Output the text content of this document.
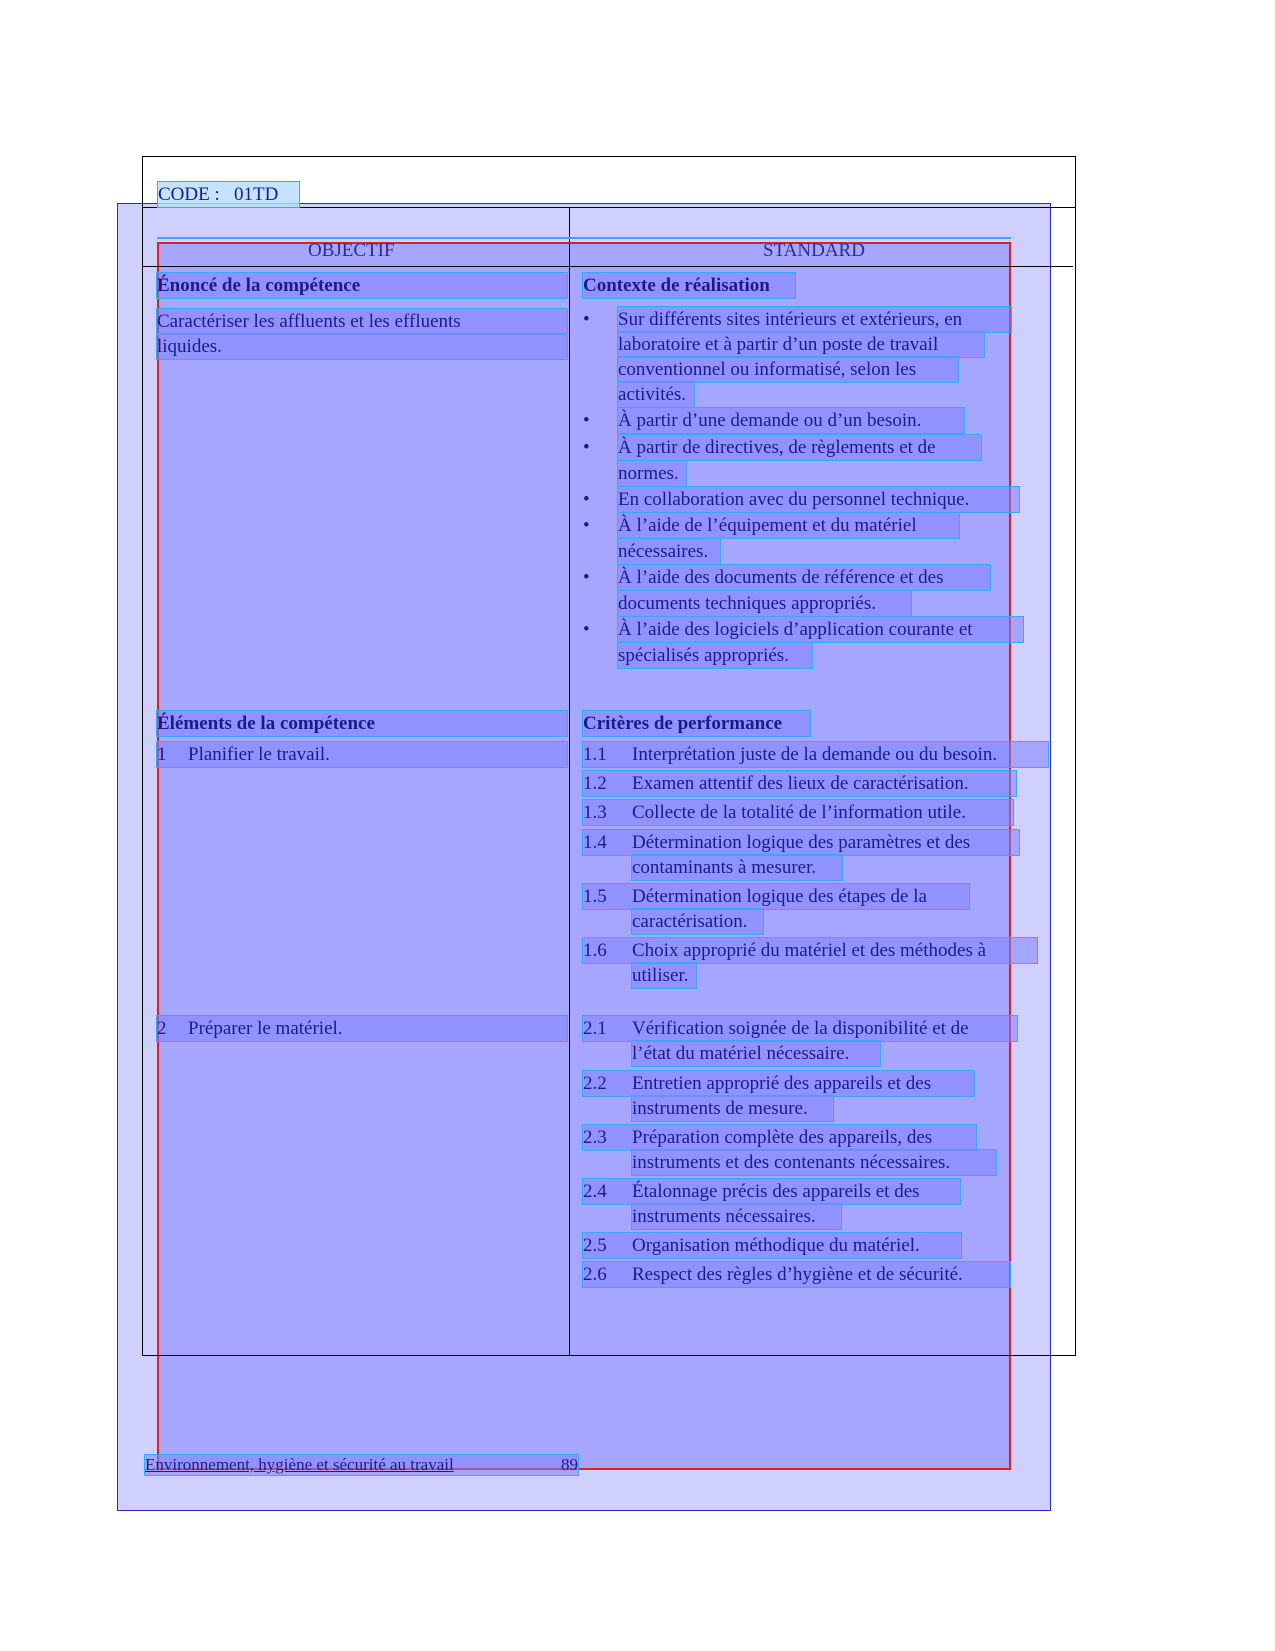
CODE : 01TD
OBJECTIF	STANDARD
Énoncé de la compétence
Caractériser les affluents et les effluents
liquides.
Éléments de la compétence
1 Planifier le travail.
2 Préparer le matériel.
Contexte de réalisation
• Sur différents sites intérieurs et extérieurs, en
laboratoire et à partir d’un poste de travail
conventionnel ou informatisé, selon les
activités.
• À partir d’une demande ou d’un besoin.
• À partir de directives, de règlements et de
normes.
• En collaboration avec du personnel technique.
• À l’aide de l’équipement et du matériel
nécessaires.
• À l’aide des documents de référence et des
documents techniques appropriés.
• À l’aide des logiciels d’application courante et
spécialisés appropriés.
Critères de performance
1.1 Interprétation juste de la demande ou du besoin.
1.2 Examen attentif des lieux de caractérisation.
1.3 Collecte de la totalité de l’information utile.
1.4 Détermination logique des paramètres et des
contaminants à mesurer.
1.5 Détermination logique des étapes de la
caractérisation.
1.6 Choix approprié du matériel et des méthodes à
utiliser.
2.1 Vérification soignée de la disponibilité et de
l’état du matériel nécessaire.
2.2 Entretien approprié des appareils et des
instruments de mesure.
2.3 Préparation complète des appareils, des
instruments et des contenants nécessaires.
2.4 Étalonnage précis des appareils et des
instruments nécessaires.
2.5 Organisation méthodique du matériel.
2.6 Respect des règles d’hygiène et de sécurité.
Environnement, hygiène et sécurité au travail	89
